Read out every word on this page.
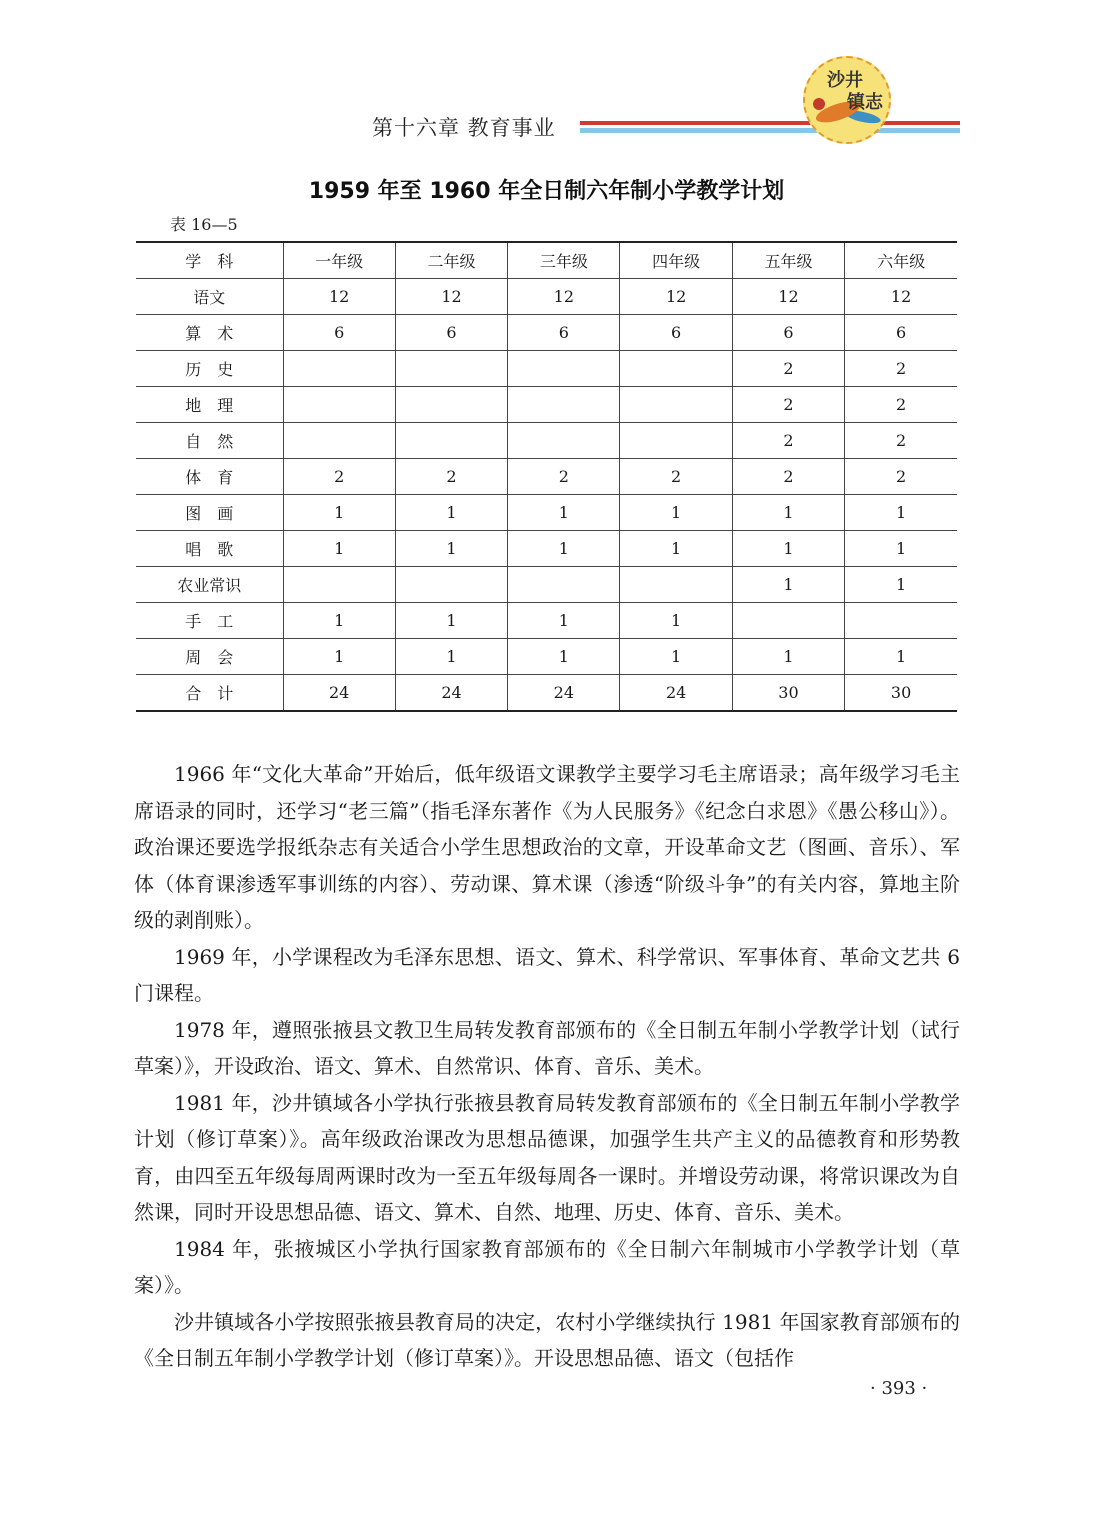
第十六章 教育事业
沙井
镇志
1959 年至 1960 年全日制六年制小学教学计划
表 16—5
学　科	一年级	二年级	三年级	四年级	五年级	六年级
语文	12	12	12	12	12	12
算　术	6	6	6	6	6	6
历　史					2	2
地　理					2	2
自　然					2	2
体　育	2	2	2	2	2	2
图　画	1	1	1	1	1	1
唱　歌	1	1	1	1	1	1
农业常识					1	1
手　工	1	1	1	1		
周　会	1	1	1	1	1	1
合　计	24	24	24	24	30	30

1966 年“文化大革命”开始后，低年级语文课教学主要学习毛主席语录；高年级学习毛主席语录的同时，还学习“老三篇”（指毛泽东著作《为人民服务》《纪念白求恩》《愚公移山》）。政治课还要选学报纸杂志有关适合小学生思想政治的文章，开设革命文艺（图画、音乐）、军体（体育课渗透军事训练的内容）、劳动课、算术课（渗透“阶级斗争”的有关内容，算地主阶级的剥削账）。

1969 年，小学课程改为毛泽东思想、语文、算术、科学常识、军事体育、革命文艺共 6 门课程。

1978 年，遵照张掖县文教卫生局转发教育部颁布的《全日制五年制小学教学计划（试行草案）》，开设政治、语文、算术、自然常识、体育、音乐、美术。

1981 年，沙井镇域各小学执行张掖县教育局转发教育部颁布的《全日制五年制小学教学计划（修订草案）》。高年级政治课改为思想品德课，加强学生共产主义的品德教育和形势教育，由四至五年级每周两课时改为一至五年级每周各一课时。并增设劳动课，将常识课改为自然课，同时开设思想品德、语文、算术、自然、地理、历史、体育、音乐、美术。

1984 年，张掖城区小学执行国家教育部颁布的《全日制六年制城市小学教学计划（草案）》。

沙井镇域各小学按照张掖县教育局的决定，农村小学继续执行 1981 年国家教育部颁布的《全日制五年制小学教学计划（修订草案）》。开设思想品德、语文（包括作

· 393 ·
